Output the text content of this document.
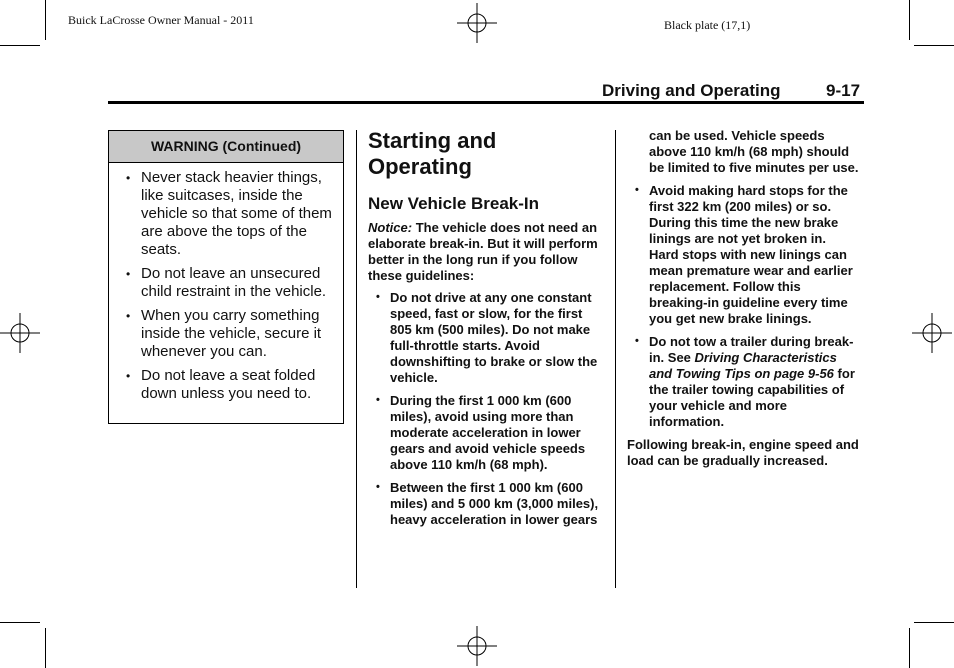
Buick LaCrosse Owner Manual - 2011	Black plate (17,1)
Driving and Operating	9-17
WARNING (Continued)
• Never stack heavier things, like suitcases, inside the vehicle so that some of them are above the tops of the seats.
• Do not leave an unsecured child restraint in the vehicle.
• When you carry something inside the vehicle, secure it whenever you can.
• Do not leave a seat folded down unless you need to.
Starting and Operating
New Vehicle Break-In

Notice: The vehicle does not need an elaborate break-in. But it will perform better in the long run if you follow these guidelines:

• Do not drive at any one constant speed, fast or slow, for the first 805 km (500 miles). Do not make full-throttle starts. Avoid downshifting to brake or slow the vehicle.
• During the first 1 000 km (600 miles), avoid using more than moderate acceleration in lower gears and avoid vehicle speeds above 110 km/h (68 mph).
• Between the first 1 000 km (600 miles) and 5 000 km (3,000 miles), heavy acceleration in lower gears
can be used. Vehicle speeds above 110 km/h (68 mph) should be limited to five minutes per use.
• Avoid making hard stops for the first 322 km (200 miles) or so. During this time the new brake linings are not yet broken in. Hard stops with new linings can mean premature wear and earlier replacement. Follow this breaking-in guideline every time you get new brake linings.
• Do not tow a trailer during break-in. See Driving Characteristics and Towing Tips on page 9-56 for the trailer towing capabilities of your vehicle and more information.

Following break-in, engine speed and load can be gradually increased.
